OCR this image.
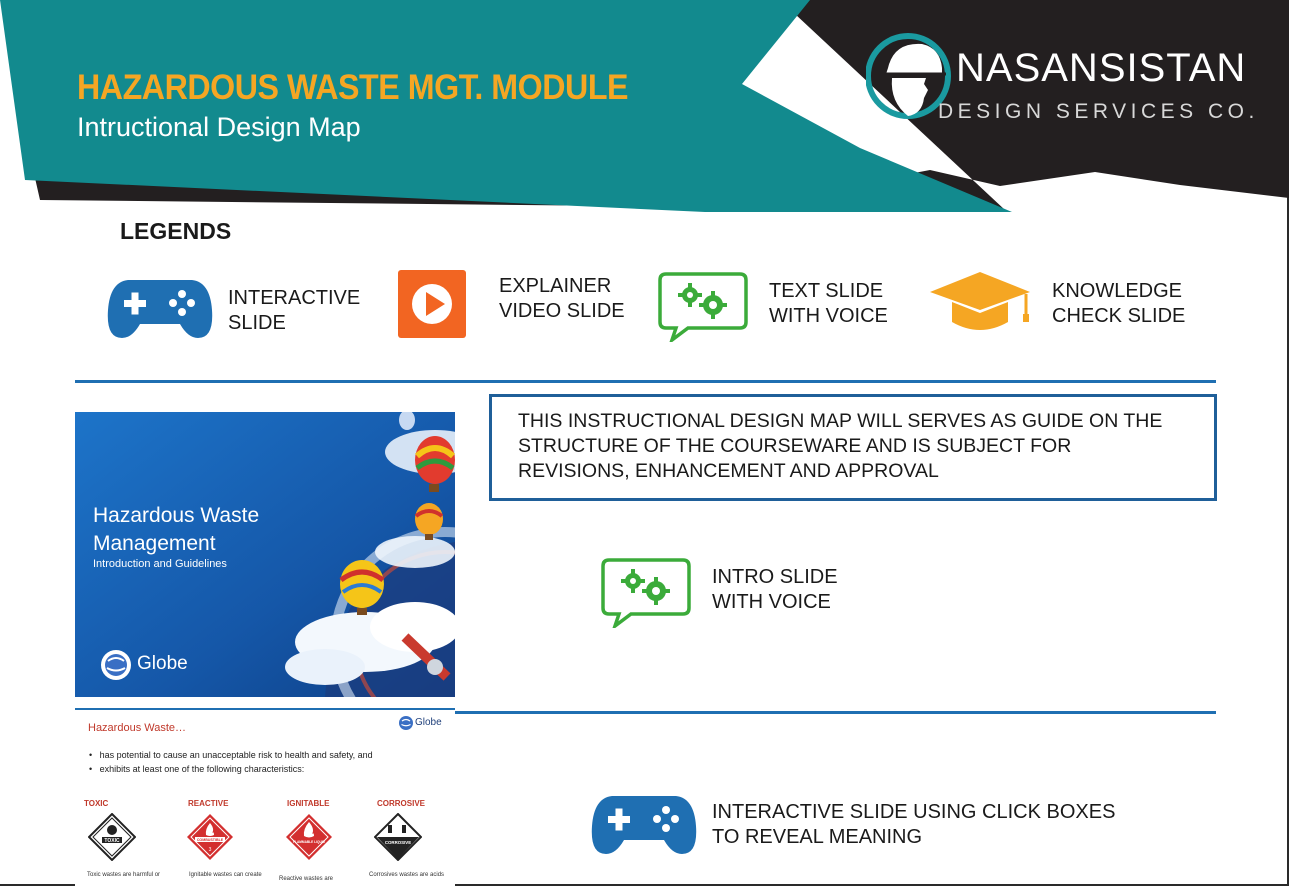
HAZARDOUS WASTE MGT. MODULE
Intructional Design Map
NASANSISTAN
DESIGN SERVICES CO.
LEGENDS
INTERACTIVE
SLIDE
EXPLAINER
VIDEO SLIDE
TEXT SLIDE
WITH VOICE
KNOWLEDGE
CHECK SLIDE
Hazardous Waste
Management
Introduction and Guidelines
Globe
THIS INSTRUCTIONAL DESIGN MAP WILL SERVES AS GUIDE ON THE STRUCTURE OF THE COURSEWARE AND IS SUBJECT FOR REVISIONS, ENHANCEMENT AND APPROVAL
INTRO SLIDE
WITH VOICE
Hazardous Waste…	Globe
•   has potential to cause an unacceptable risk to health and safety, and
•   exhibits at least one of the following characteristics:
TOXIC	REACTIVE	IGNITABLE	CORROSIVE
TOXIC	COMBUSTIBLE
3
FLAMMABLE LIQUID	CORROSIVE
Toxic wastes are harmful or	Ignitable wastes can create
Reactive wastes are
Corrosives wastes are acids
INTERACTIVE SLIDE USING CLICK BOXES
TO REVEAL MEANING
